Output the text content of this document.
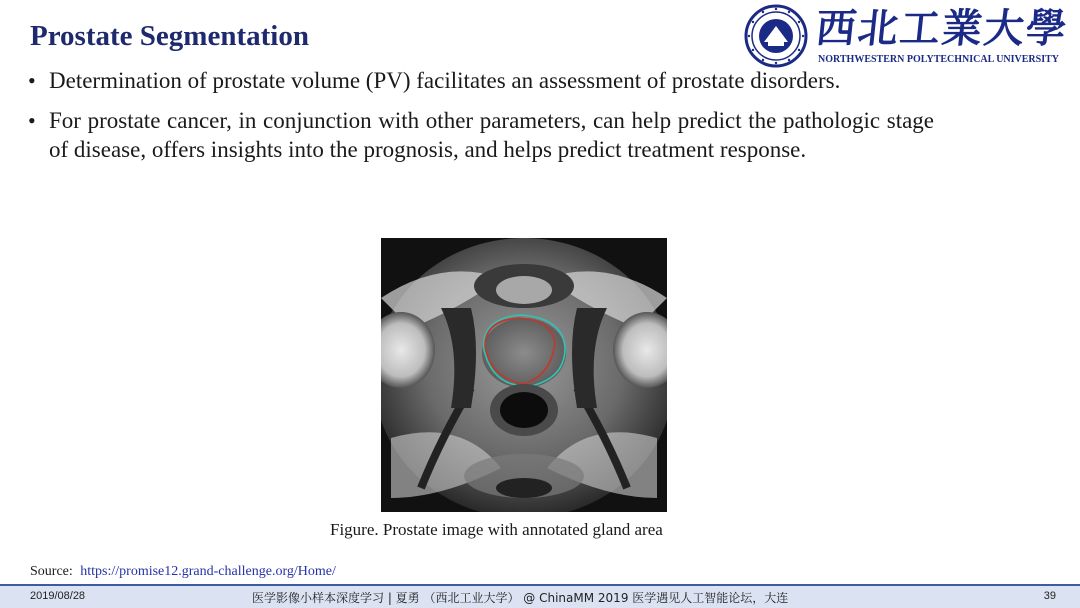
Prostate Segmentation	西北工業大學
NORTHWESTERN POLYTECHNICAL UNIVERSITY
• Determination of prostate volume (PV) facilitates an assessment of prostate disorders.
• For prostate cancer, in conjunction with other parameters, can help predict the pathologic stage of disease, offers insights into the prognosis, and helps predict treatment response.
Figure. Prostate image with annotated gland area
Source: https://promise12.grand-challenge.org/Home/
2019/08/28	医学影像小样本深度学习 | 夏勇 （西北工业大学） @ ChinaMM 2019 医学遇见人工智能论坛，大连	39
